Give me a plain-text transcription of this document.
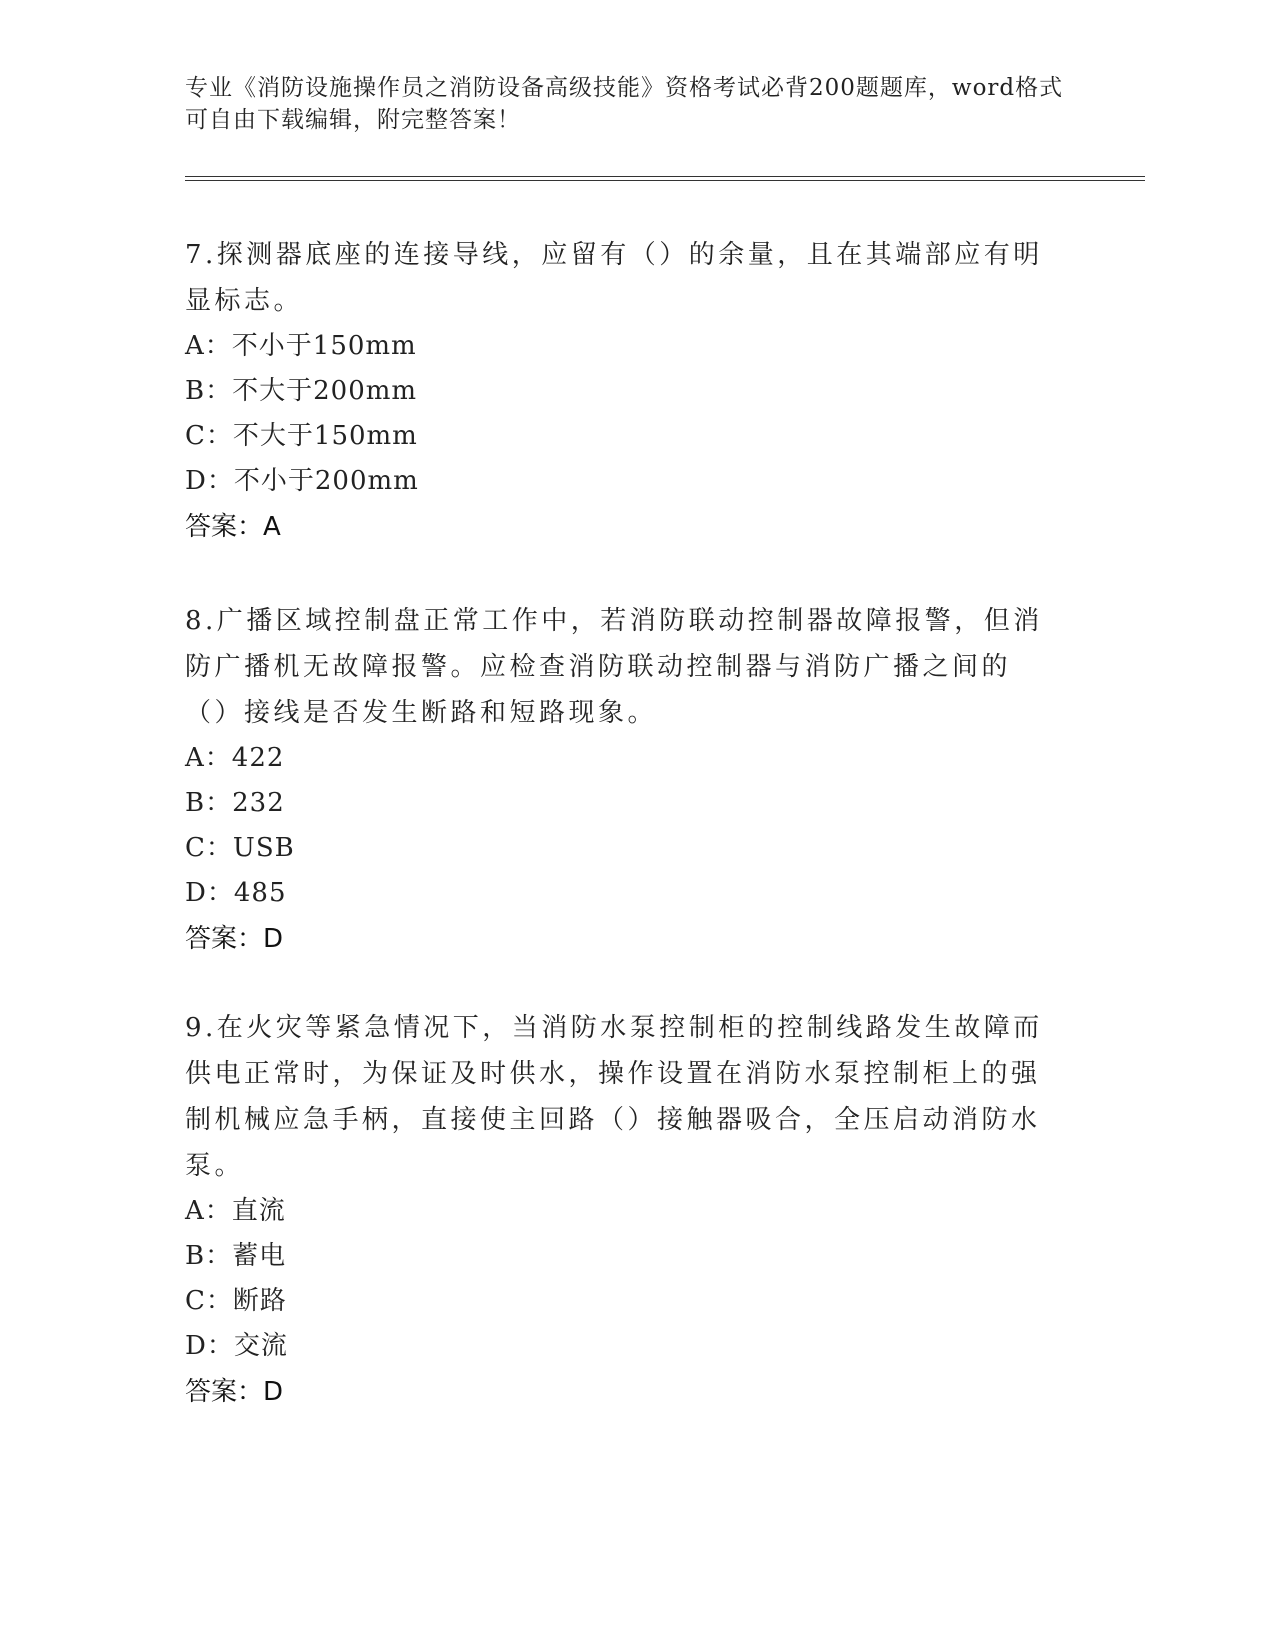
专业《消防设施操作员之消防设备高级技能》资格考试必背200题题库，word格式可自由下载编辑，附完整答案！

7.探测器底座的连接导线，应留有（）的余量，且在其端部应有明显标志。

A：不小于150mm

B：不大于200mm

C：不大于150mm

D：不小于200mm

答案：A

8.广播区域控制盘正常工作中，若消防联动控制器故障报警，但消防广播机无故障报警。应检查消防联动控制器与消防广播之间的（）接线是否发生断路和短路现象。

A：422

B：232

C：USB

D：485

答案：D

9.在火灾等紧急情况下，当消防水泵控制柜的控制线路发生故障而供电正常时，为保证及时供水，操作设置在消防水泵控制柜上的强制机械应急手柄，直接使主回路（）接触器吸合，全压启动消防水泵。

A：直流

B：蓄电

C：断路

D：交流

答案：D
